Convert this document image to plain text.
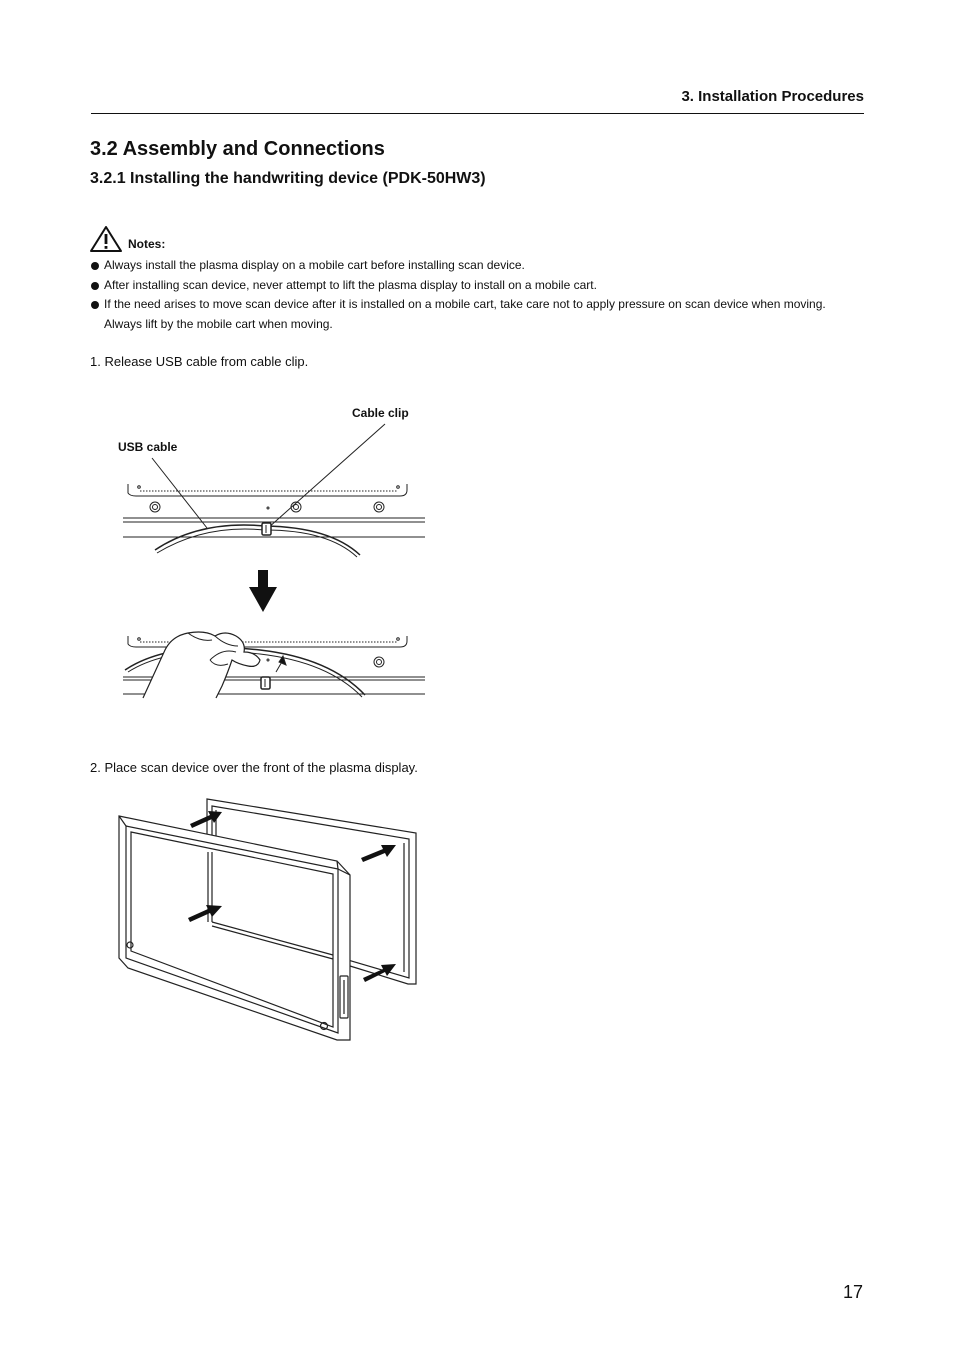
3. Installation Procedures
3.2 Assembly and Connections
3.2.1 Installing the handwriting device (PDK-50HW3)
Notes:
Always install the plasma display on a mobile cart before installing scan device.
After installing scan device, never attempt to lift the plasma display to install on a mobile cart.
If the need arises to move scan device after it is installed on a mobile cart, take care not to apply pressure on scan device when moving. Always lift by the mobile cart when moving.
1. Release USB cable from cable clip.
Cable clip
USB cable
2. Place scan device over the front of the plasma display.
17
